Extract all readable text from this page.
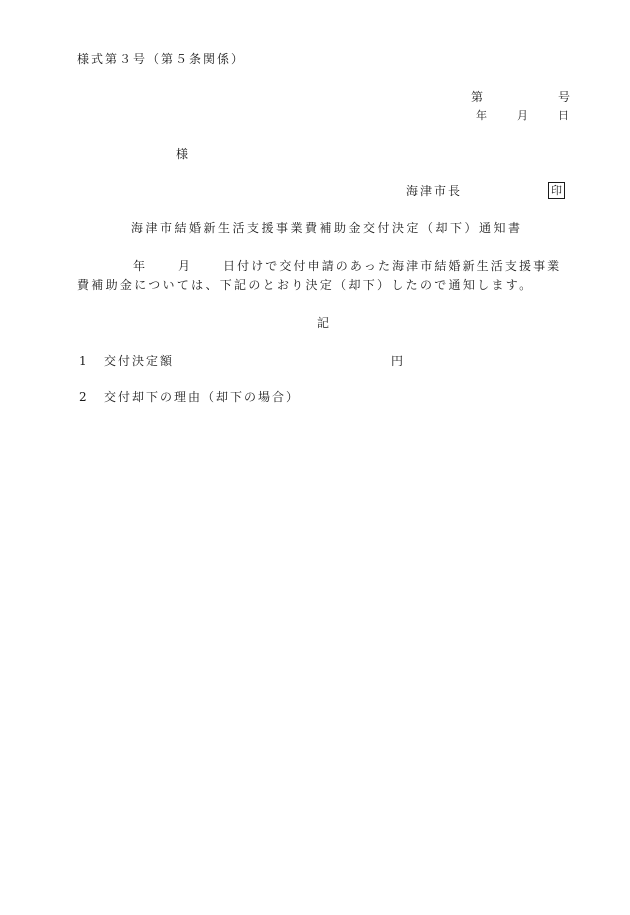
様式第３号（第５条関係）
第	号
年	月	日
様
海津市長	印
海津市結婚新生活支援事業費補助金交付決定（却下）通知書
年	月	日付けで交付申請のあった海津市結婚新生活支援事業
費補助金については、下記のとおり決定（却下）したので通知します。
記
1 交付決定額	円
2 交付却下の理由（却下の場合）
